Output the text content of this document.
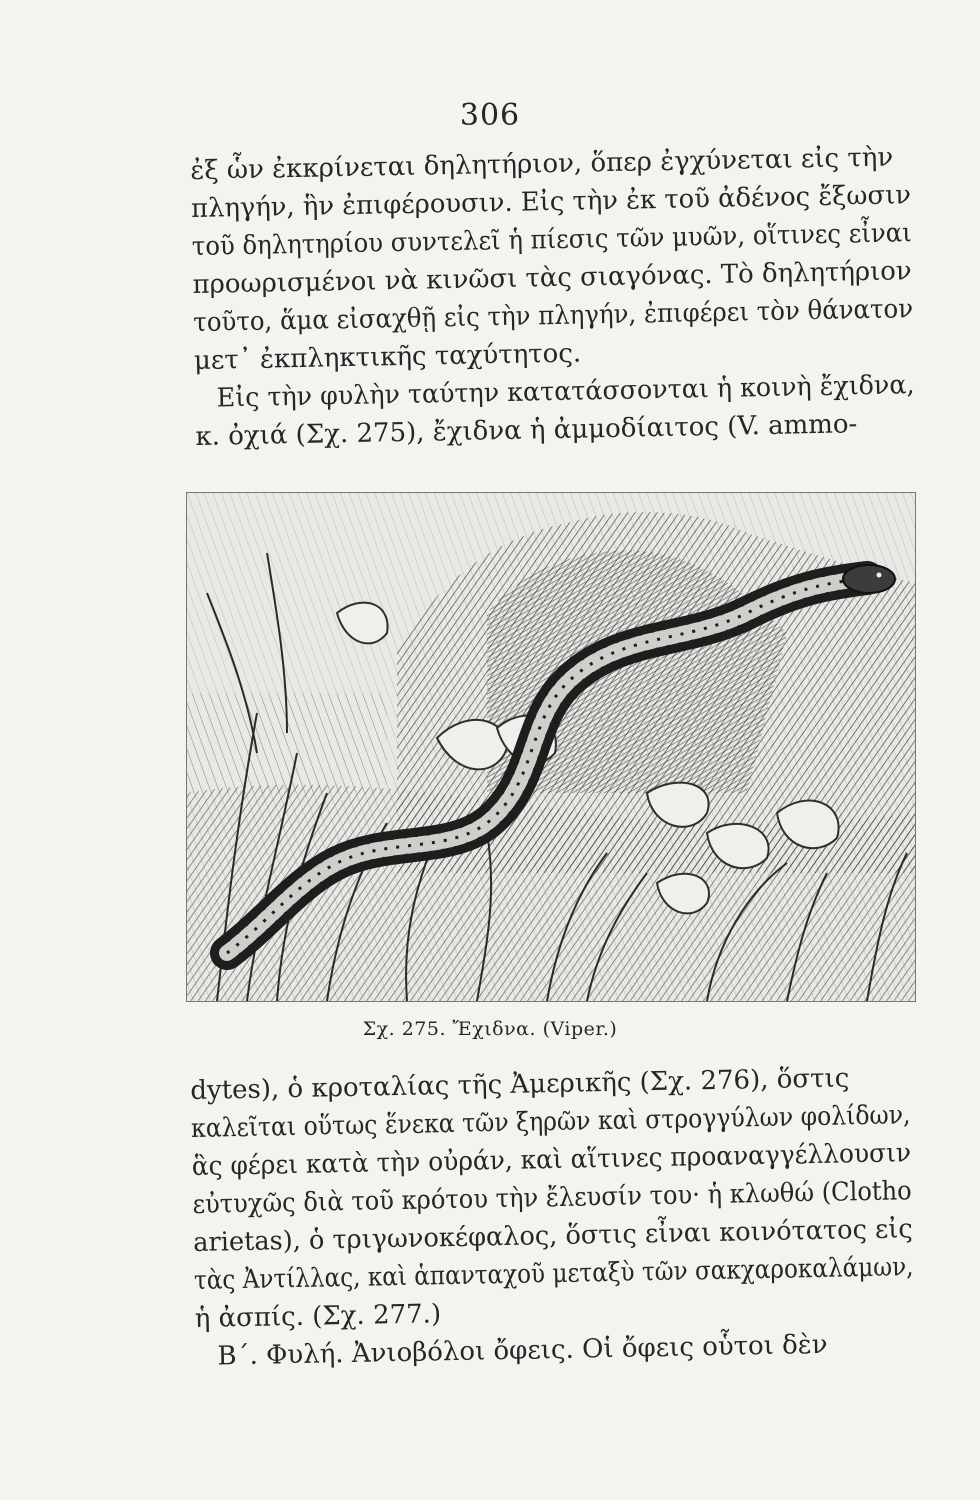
306
ἐξ ὧν ἐκκρίνεται δηλητήριον, ὅπερ ἐγχύνεται εἰς τὴν
πληγήν, ἣν ἐπιφέρουσιν. Εἰς τὴν ἐκ τοῦ ἀδένος ἔξωσιν
τοῦ δηλητηρίου συντελεῖ ἡ πίεσις τῶν μυῶν, οἵτινες εἶναι
προωρισμένοι νὰ κινῶσι τὰς σιαγόνας. Τὸ δηλητήριον
τοῦτο, ἅμα εἰσαχθῇ εἰς τὴν πληγήν, ἐπιφέρει τὸν θάνατον
μετ᾽ ἐκπληκτικῆς ταχύτητος.
Εἰς τὴν φυλὴν ταύτην κατατάσσονται ἡ κοινὴ ἔχιδνα,
κ. ὀχιά (Σχ. 275), ἔχιδνα ἡ ἀμμοδίαιτος (V. ammo-
Σχ. 275. Ἔχιδνα. (Viper.)
dytes), ὁ κροταλίας τῆς Ἀμερικῆς (Σχ. 276), ὅστις
καλεῖται οὕτως ἕνεκα τῶν ξηρῶν καὶ στρογγύλων φολίδων,
ἃς φέρει κατὰ τὴν οὐράν, καὶ αἵτινες προαναγγέλλουσιν
εὐτυχῶς διὰ τοῦ κρότου τὴν ἔλευσίν του· ἡ κλωθώ (Clotho
arietas), ὁ τριγωνοκέφαλος, ὅστις εἶναι κοινότατος εἰς
τὰς Ἀντίλλας, καὶ ἁπανταχοῦ μεταξὺ τῶν σακχαροκαλάμων,
ἡ ἀσπίς. (Σχ. 277.)
Β΄. Φυλή. Ἀνιοβόλοι ὄφεις. Οἱ ὄφεις οὗτοι δὲν
